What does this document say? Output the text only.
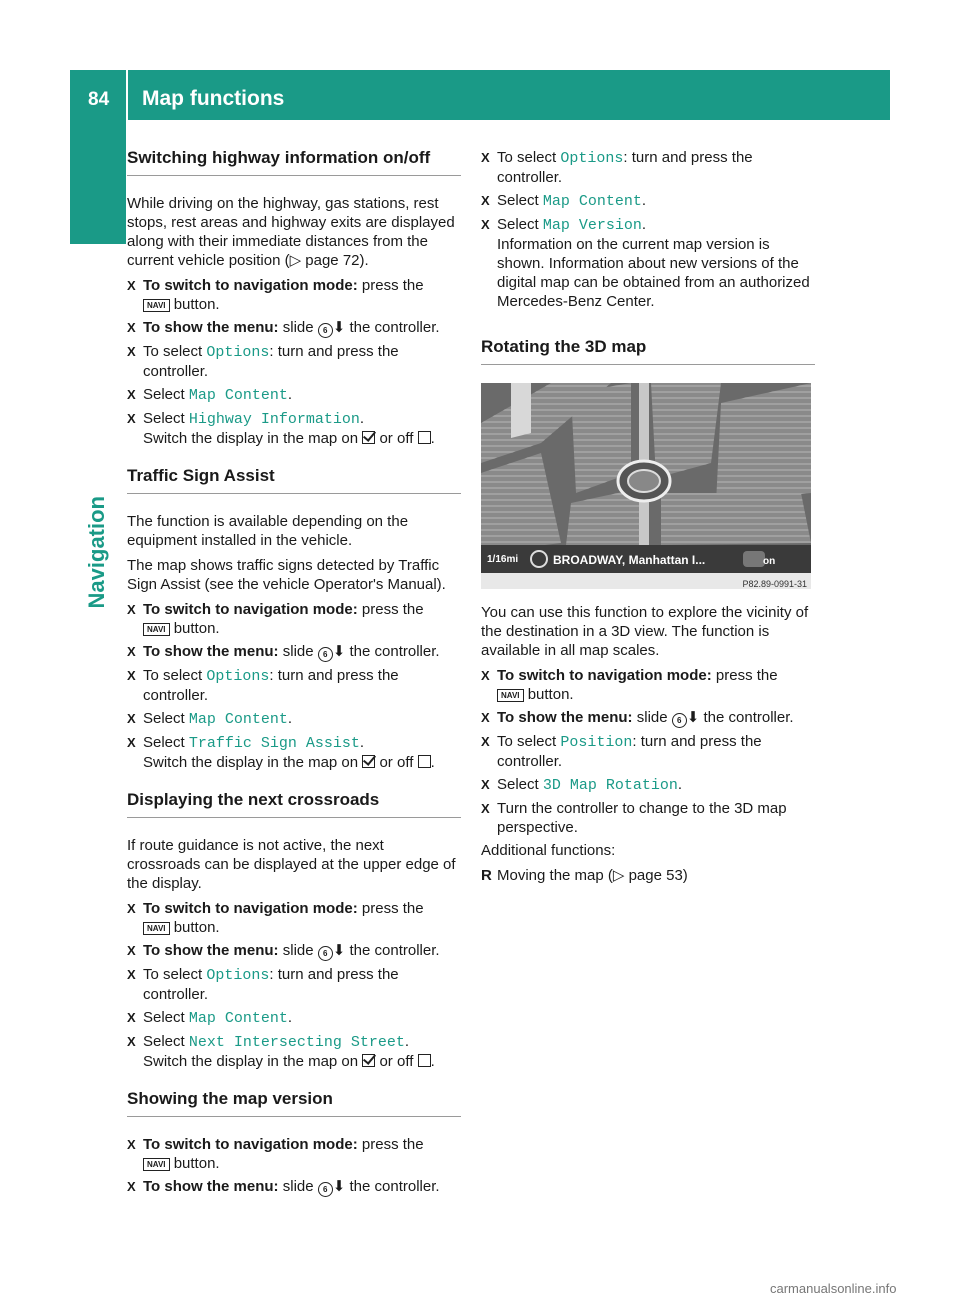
84 Map functions
Navigation
Switching highway information on/off

While driving on the highway, gas stations, rest stops, rest areas and highway exits are displayed along with their immediate distances from the current vehicle position (▷ page 72).

X To switch to navigation mode: press the
NAVI button.
X To show the menu: slide 6 ⬇ the controller.
X To select Options: turn and press the controller.
X Select Map Content.
X Select Highway Information.
Switch the display in the map on or off .
Traffic Sign Assist

The function is available depending on the equipment installed in the vehicle.

The map shows traffic signs detected by Traffic Sign Assist (see the vehicle Operator's Manual).

X To switch to navigation mode: press the
NAVI button.
X To show the menu: slide 6 ⬇ the controller.
X To select Options: turn and press the controller.
X Select Map Content.
X Select Traffic Sign Assist.
Switch the display in the map on or off .
Displaying the next crossroads

If route guidance is not active, the next crossroads can be displayed at the upper edge of the display.

X To switch to navigation mode: press the
NAVI button.
X To show the menu: slide 6 ⬇ the controller.
X To select Options: turn and press the controller.
X Select Map Content.
X Select Next Intersecting Street.
Switch the display in the map on or off .
Showing the map version
X To switch to navigation mode: press the
NAVI button.
X To show the menu: slide 6 ⬇ the controller.
X To select Options: turn and press the controller.
X Select Map Content.
X Select Map Version.
Information on the current map version is shown. Information about new versions of the digital map can be obtained from an authorized Mercedes-Benz Center.
Rotating the 3D map
1/16mi	BROADWAY, Manhattan I...	on
P82.89-0991-31

You can use this function to explore the vicinity of the destination in a 3D view. The function is available in all map scales.

X To switch to navigation mode: press the
NAVI button.
X To show the menu: slide 6 ⬇ the controller.
X To select Position: turn and press the controller.
X Select 3D Map Rotation.
X Turn the controller to change to the 3D map perspective.

Additional functions:

R Moving the map (▷ page 53)
carmanualsonline.info
